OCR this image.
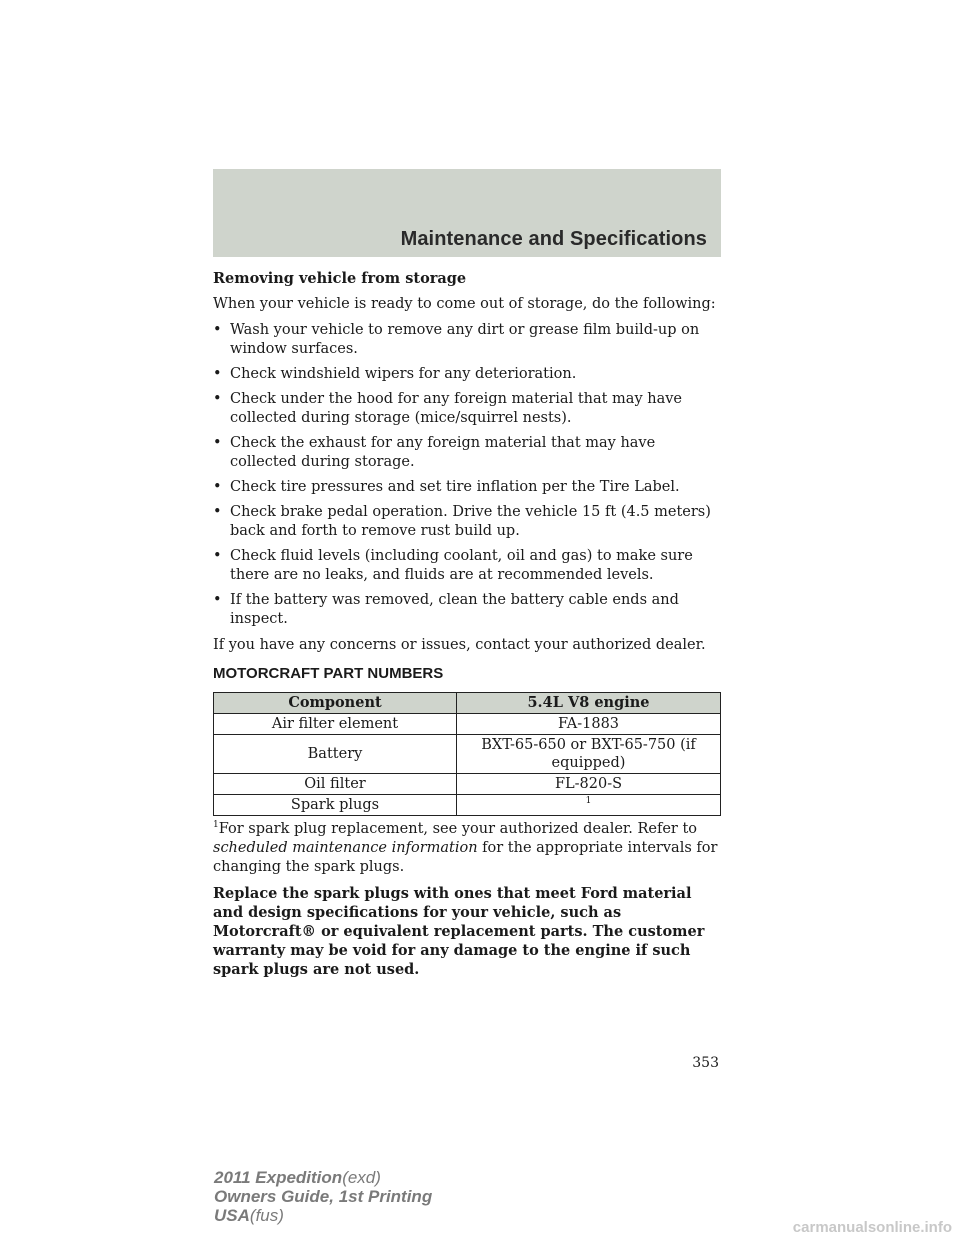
Maintenance and Specifications

Removing vehicle from storage

When your vehicle is ready to come out of storage, do the following:

• Wash your vehicle to remove any dirt or grease film build-up on window surfaces.
• Check windshield wipers for any deterioration.
• Check under the hood for any foreign material that may have collected during storage (mice/squirrel nests).
• Check the exhaust for any foreign material that may have collected during storage.
• Check tire pressures and set tire inflation per the Tire Label.
• Check brake pedal operation. Drive the vehicle 15 ft (4.5 meters) back and forth to remove rust build up.
• Check fluid levels (including coolant, oil and gas) to make sure there are no leaks, and fluids are at recommended levels.
• If the battery was removed, clean the battery cable ends and inspect.

If you have any concerns or issues, contact your authorized dealer.

MOTORCRAFT PART NUMBERS
Component	5.4L V8 engine
Air filter element	FA-1883
Battery	BXT-65-650 or BXT-65-750 (if equipped)
Oil filter	FL-820-S
Spark plugs	$^1$

$^1$For spark plug replacement, see your authorized dealer. Refer to scheduled maintenance information for the appropriate intervals for changing the spark plugs.

Replace the spark plugs with ones that meet Ford material and design specifications for your vehicle, such as Motorcraft® or equivalent replacement parts. The customer warranty may be void for any damage to the engine if such spark plugs are not used.

353
2011 Expedition(exd)
Owners Guide, 1st Printing
USA(fus)
carmanualsonline.info
